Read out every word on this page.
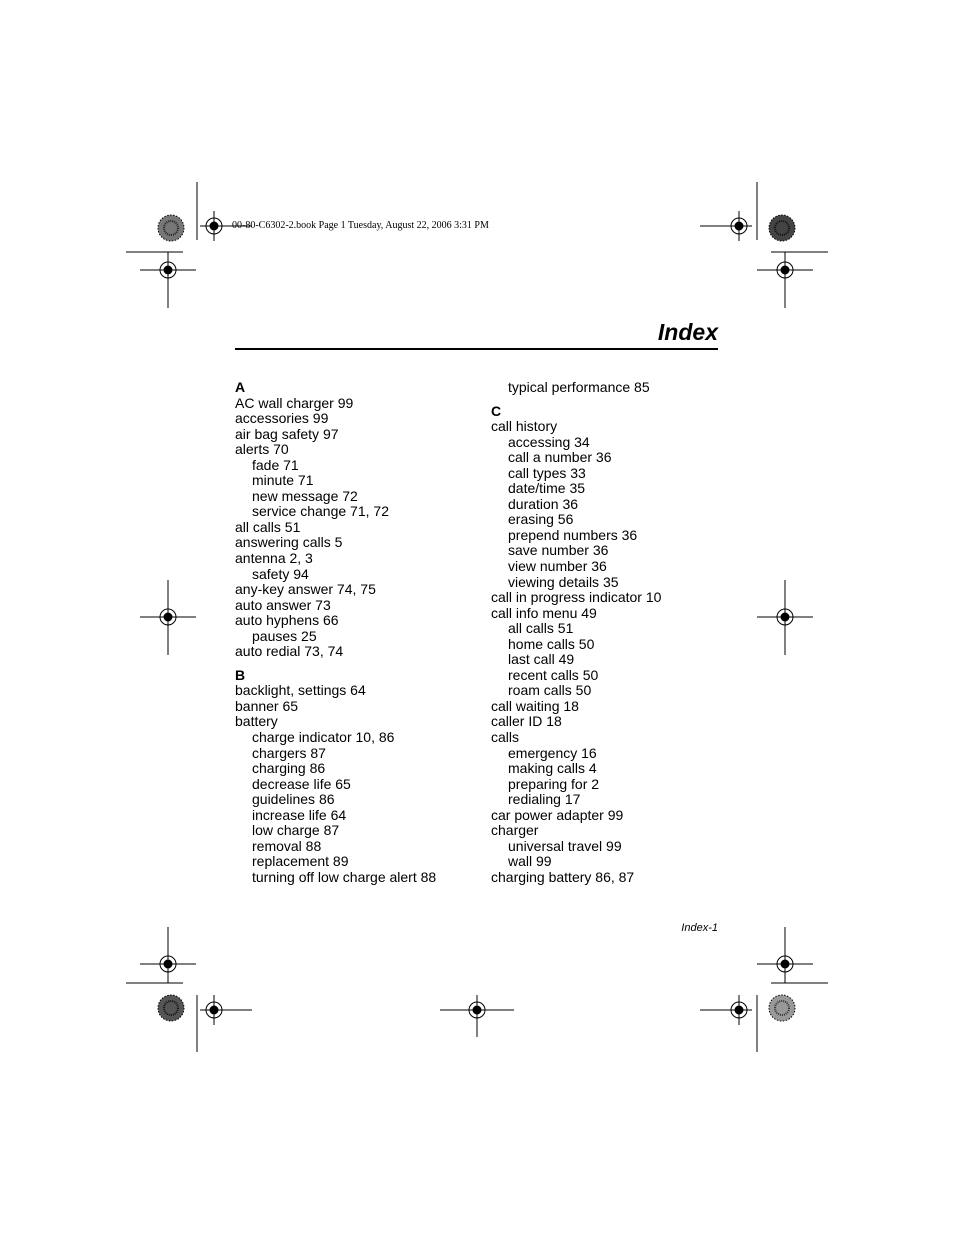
00-80-C6302-2.book Page 1 Tuesday, August 22, 2006 3:31 PM
Index
A
AC wall charger 99
accessories 99
air bag safety 97
alerts 70
fade 71
minute 71
new message 72
service change 71, 72
all calls 51
answering calls 5
antenna 2, 3
safety 94
any-key answer 74, 75
auto answer 73
auto hyphens 66
pauses 25
auto redial 73, 74
B
backlight, settings 64
banner 65
battery
charge indicator 10, 86
chargers 87
charging 86
decrease life 65
guidelines 86
increase life 64
low charge 87
removal 88
replacement 89
turning off low charge alert 88
typical performance 85
C
call history
accessing 34
call a number 36
call types 33
date/time 35
duration 36
erasing 56
prepend numbers 36
save number 36
view number 36
viewing details 35
call in progress indicator 10
call info menu 49
all calls 51
home calls 50
last call 49
recent calls 50
roam calls 50
call waiting 18
caller ID 18
calls
emergency 16
making calls 4
preparing for 2
redialing 17
car power adapter 99
charger
universal travel 99
wall 99
charging battery 86, 87
Index-1
